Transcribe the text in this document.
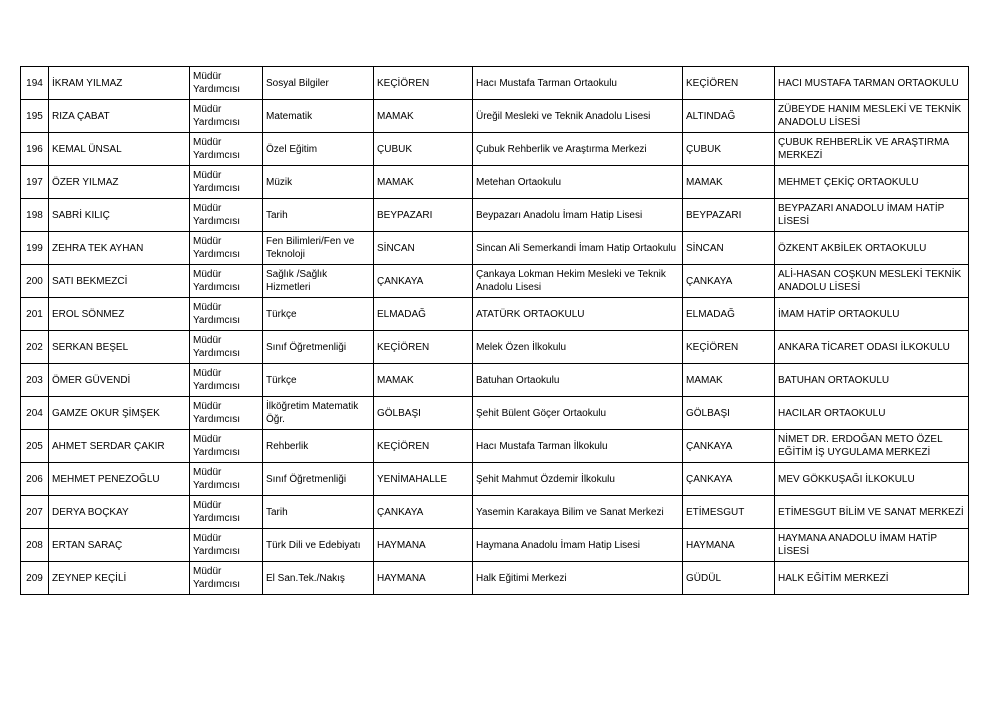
194	İKRAM YILMAZ	Müdür Yardımcısı	Sosyal Bilgiler	KEÇİÖREN	Hacı Mustafa Tarman Ortaokulu	KEÇİÖREN	HACI MUSTAFA TARMAN ORTAOKULU
195	RIZA ÇABAT	Müdür Yardımcısı	Matematik	MAMAK	Üreğil Mesleki ve Teknik Anadolu Lisesi	ALTINDAĞ	ZÜBEYDE HANIM MESLEKİ VE TEKNİK ANADOLU LİSESİ
196	KEMAL ÜNSAL	Müdür Yardımcısı	Özel Eğitim	ÇUBUK	Çubuk Rehberlik ve Araştırma Merkezi	ÇUBUK	ÇUBUK REHBERLİK VE ARAŞTIRMA MERKEZİ
197	ÖZER YILMAZ	Müdür Yardımcısı	Müzik	MAMAK	Metehan Ortaokulu	MAMAK	MEHMET ÇEKİÇ ORTAOKULU
198	SABRİ KILIÇ	Müdür Yardımcısı	Tarih	BEYPAZARI	Beypazarı Anadolu İmam Hatip Lisesi	BEYPAZARI	BEYPAZARI ANADOLU İMAM HATİP LİSESİ
199	ZEHRA TEK AYHAN	Müdür Yardımcısı	Fen Bilimleri/Fen ve Teknoloji	SİNCAN	Sincan Ali Semerkandi İmam Hatip Ortaokulu	SİNCAN	ÖZKENT AKBİLEK ORTAOKULU
200	SATI BEKMEZCİ	Müdür Yardımcısı	Sağlık /Sağlık Hizmetleri	ÇANKAYA	Çankaya Lokman Hekim Mesleki ve Teknik Anadolu Lisesi	ÇANKAYA	ALİ-HASAN COŞKUN MESLEKİ TEKNİK ANADOLU LİSESİ
201	EROL SÖNMEZ	Müdür Yardımcısı	Türkçe	ELMADAĞ	ATATÜRK ORTAOKULU	ELMADAĞ	İMAM HATİP ORTAOKULU
202	SERKAN BEŞEL	Müdür Yardımcısı	Sınıf Öğretmenliği	KEÇİÖREN	Melek Özen İlkokulu	KEÇİÖREN	ANKARA TİCARET ODASI İLKOKULU
203	ÖMER GÜVENDİ	Müdür Yardımcısı	Türkçe	MAMAK	Batuhan Ortaokulu	MAMAK	BATUHAN ORTAOKULU
204	GAMZE OKUR ŞİMŞEK	Müdür Yardımcısı	İlköğretim Matematik Öğr.	GÖLBAŞI	Şehit Bülent Göçer Ortaokulu	GÖLBAŞI	HACILAR ORTAOKULU
205	AHMET SERDAR ÇAKIR	Müdür Yardımcısı	Rehberlik	KEÇİÖREN	Hacı Mustafa Tarman İlkokulu	ÇANKAYA	NİMET DR. ERDOĞAN METO ÖZEL EĞİTİM İŞ UYGULAMA MERKEZİ
206	MEHMET PENEZOĞLU	Müdür Yardımcısı	Sınıf Öğretmenliği	YENİMAHALLE	Şehit Mahmut Özdemir İlkokulu	ÇANKAYA	MEV GÖKKUŞAĞI İLKOKULU
207	DERYA BOÇKAY	Müdür Yardımcısı	Tarih	ÇANKAYA	Yasemin Karakaya Bilim ve Sanat Merkezi	ETİMESGUT	ETİMESGUT BİLİM VE SANAT MERKEZİ
208	ERTAN SARAÇ	Müdür Yardımcısı	Türk Dili ve Edebiyatı	HAYMANA	Haymana Anadolu İmam Hatip Lisesi	HAYMANA	HAYMANA ANADOLU İMAM HATİP LİSESİ
209	ZEYNEP KEÇİLİ	Müdür Yardımcısı	El San.Tek./Nakış	HAYMANA	Halk Eğitimi Merkezi	GÜDÜL	HALK EĞİTİM MERKEZİ
